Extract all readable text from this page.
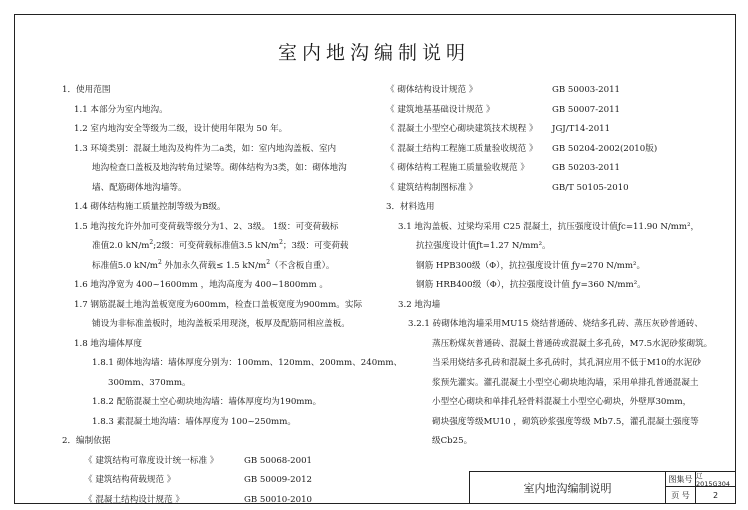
室内地沟编制说明
1．使用范围
1.1 本部分为室内地沟。
1.2 室内地沟安全等级为二级，设计使用年限为 50 年。
1.3 环境类别：混凝土地沟及构件为二a类，如：室内地沟盖板、室内
地沟检查口盖板及地沟转角过梁等。砌体结构为3类，如：砌体地沟
墙、配筋砌体地沟墙等。
1.4 砌体结构施工质量控制等级为B级。
1.5 地沟按允许外加可变荷载等级分为1、2、3级。 1级：可变荷载标
准值2.0 $kN/m^2;2$级：可变荷载标准值3.5 $kN/m^2$；3级：可变荷载
标准值5.0 $kN/m^2$ 外加永久荷载≤ 1.5 $kN/m^2$（不含板自重）。
1.6 地沟净宽为 400~1600mm ，地沟高度为 400~1800mm 。
1.7 钢筋混凝土地沟盖板宽度为600mm，检查口盖板宽度为900mm。实际
铺设为非标准盖板时，地沟盖板采用现浇，板厚及配筋同相应盖板。
1.8 地沟墙体厚度
1.8.1 砌体地沟墙：墙体厚度分别为：100mm、120mm、200mm、240mm、
300mm、370mm。
1.8.2 配筋混凝土空心砌块地沟墙：墙体厚度均为190mm。
1.8.3 素混凝土地沟墙：墙体厚度为 100~250mm。
2．编制依据
《 建筑结构可靠度设计统一标准 》	GB 50068-2001
《 建筑结构荷载规范 》	GB 50009-2012
《 混凝土结构设计规范 》	GB 50010-2010
《 砌体结构设计规范 》	GB 50003-2011
《 建筑地基基础设计规范 》	GB 50007-2011
《 混凝土小型空心砌块建筑技术规程 》	JGJ/T14-2011
《 混凝土结构工程施工质量验收规范 》	GB 50204-2002(2010版)
《 砌体结构工程施工质量验收规范 》	GB 50203-2011
《 建筑结构制图标准 》	GB/T 50105-2010
3．材料选用
3.1 地沟盖板、过梁均采用 C25 混凝土，抗压强度设计值ƒc=11.90 N/mm²，
抗拉强度设计值ƒt=1.27 N/mm²。
钢筋 HPB300级（Φ），抗拉强度设计值 ƒy=270 N/mm²。
钢筋 HRB400级（Φ），抗拉强度设计值 ƒy=360 N/mm²。
3.2 地沟墙
3.2.1 砖砌体地沟墙采用MU15 烧结普通砖、烧结多孔砖、蒸压灰砂普通砖、
蒸压粉煤灰普通砖、混凝土普通砖或混凝土多孔砖，M7.5水泥砂浆砌筑。
当采用烧结多孔砖和混凝土多孔砖时，其孔洞应用不低于M10的水泥砂
浆预先灌实。灌孔混凝土小型空心砌块地沟墙，采用单排孔普通混凝土
小型空心砌块和单排孔轻骨料混凝土小型空心砌块，外壁厚30mm，
砌块强度等级MU10 ，砌筑砂浆强度等级 Mb7.5，灌孔混凝土强度等
级Cb25。
室内地沟编制说明
图集号 辽2015G304
页 号	2
